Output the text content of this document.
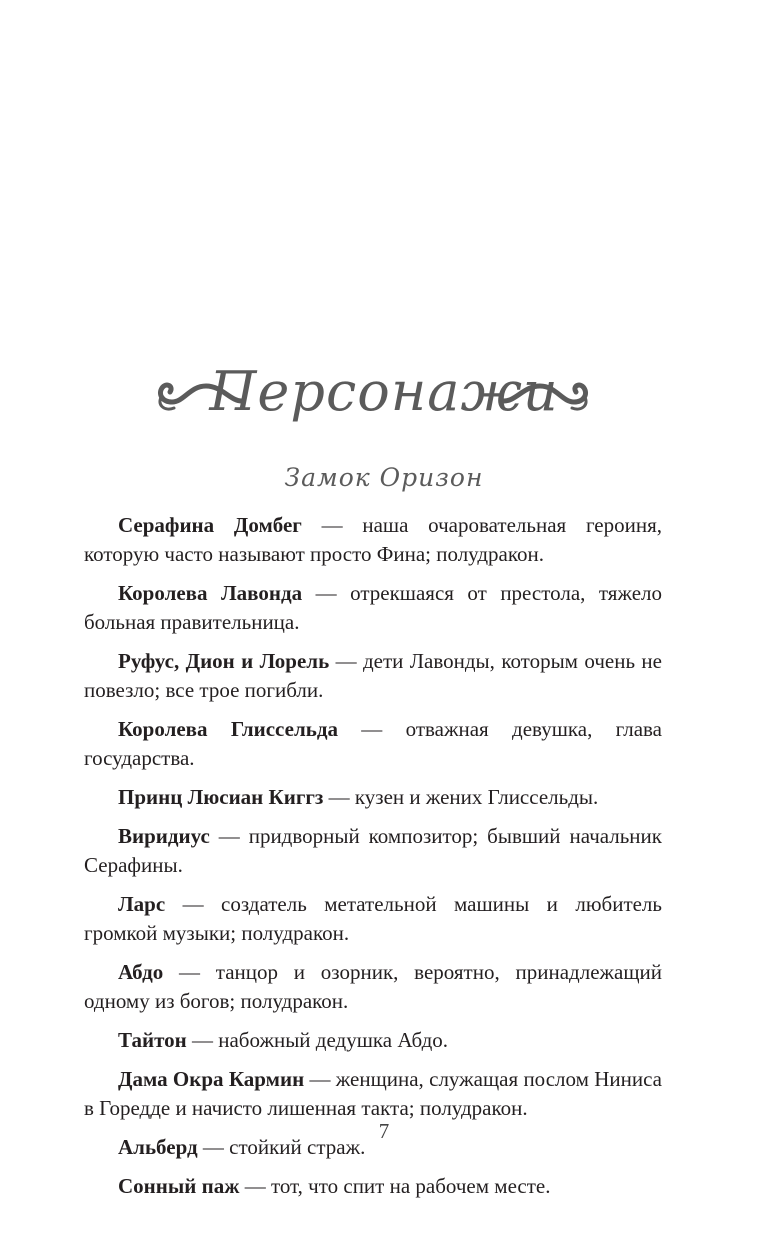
Персонажи
Замок Оризон
Серафина Домбег — наша очаровательная героиня, которую часто называют просто Фина; полудракон.
Королева Лавонда — отрекшаяся от престола, тяжело больная правительница.
Руфус, Дион и Лорель — дети Лавонды, которым очень не повезло; все трое погибли.
Королева Глиссельда — отважная девушка, глава государства.
Принц Люсиан Киггз — кузен и жених Глиссельды.
Виридиус — придворный композитор; бывший начальник Серафины.
Ларс — создатель метательной машины и любитель громкой музыки; полудракон.
Абдо — танцор и озорник, вероятно, принадлежащий одному из богов; полудракон.
Тайтон — набожный дедушка Абдо.
Дама Окра Кармин — женщина, служащая послом Ниниса в Горедде и начисто лишенная такта; полудракон.
Альберд — стойкий страж.
Сонный паж — тот, что спит на рабочем месте.
7
